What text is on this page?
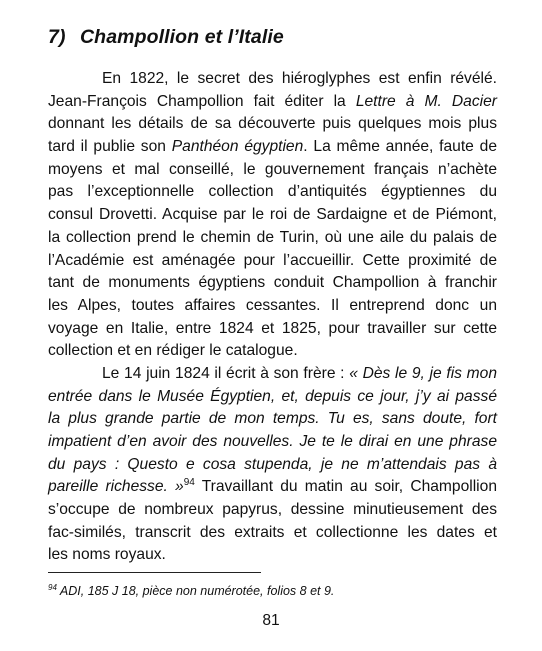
7) Champollion et l’Italie
En 1822, le secret des hiéroglyphes est enfin révélé.
Jean-François Champollion fait éditer la Lettre à M. Dacier
donnant les détails de sa découverte puis quelques mois plus
tard il publie son Panthéon égyptien. La même année, faute de
moyens et mal conseillé, le gouvernement français n’achète
pas l’exceptionnelle collection d’antiquités égyptiennes du
consul Drovetti. Acquise par le roi de Sardaigne et de Piémont,
la collection prend le chemin de Turin, où une aile du palais de
l’Académie est aménagée pour l’accueillir. Cette proximité de
tant de monuments égyptiens conduit Champollion à franchir
les Alpes, toutes affaires cessantes. Il entreprend donc un
voyage en Italie, entre 1824 et 1825, pour travailler sur cette
collection et en rédiger le catalogue.
Le 14 juin 1824 il écrit à son frère : « Dès le 9, je fis mon
entrée dans le Musée Égyptien, et, depuis ce jour, j’y ai passé
la plus grande partie de mon temps. Tu es, sans doute, fort
impatient d’en avoir des nouvelles. Je te le dirai en une phrase
du pays : Questo e cosa stupenda, je ne m’attendais pas à
pareille richesse. »$^{94}$ Travaillant du matin au soir, Champollion
s’occupe de nombreux papyrus, dessine minutieusement des
fac-similés, transcrit des extraits et collectionne les dates et
les noms royaux.
$^{94}$ ADI, 185 J 18, pièce non numérotée, folios 8 et 9.
81
